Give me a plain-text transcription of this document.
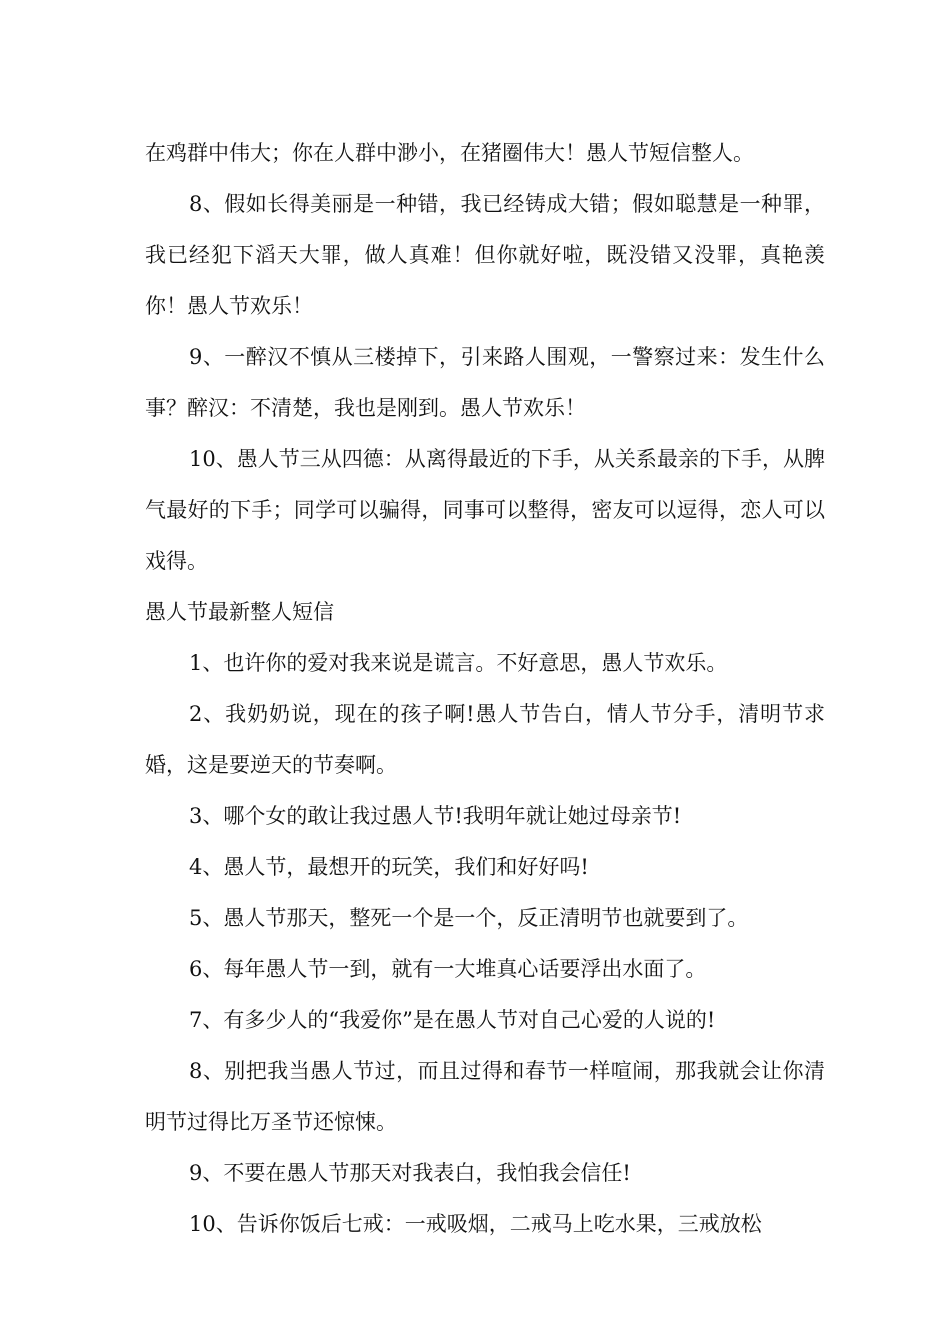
在鸡群中伟大；你在人群中渺小，在猪圈伟大！愚人节短信整人。

8、假如长得美丽是一种错，我已经铸成大错；假如聪慧是一种罪，我已经犯下滔天大罪，做人真难！但你就好啦，既没错又没罪，真艳羡你！愚人节欢乐！

9、一醉汉不慎从三楼掉下，引来路人围观，一警察过来：发生什么事？醉汉：不清楚，我也是刚到。愚人节欢乐！

10、愚人节三从四德：从离得最近的下手，从关系最亲的下手，从脾气最好的下手；同学可以骗得，同事可以整得，密友可以逗得，恋人可以戏得。

愚人节最新整人短信

1、也许你的爱对我来说是谎言。不好意思，愚人节欢乐。

2、我奶奶说，现在的孩子啊!愚人节告白，情人节分手，清明节求婚，这是要逆天的节奏啊。

3、哪个女的敢让我过愚人节!我明年就让她过母亲节!

4、愚人节，最想开的玩笑，我们和好好吗!

5、愚人节那天，整死一个是一个，反正清明节也就要到了。

6、每年愚人节一到，就有一大堆真心话要浮出水面了。

7、有多少人的“我爱你”是在愚人节对自己心爱的人说的!

8、别把我当愚人节过，而且过得和春节一样喧闹，那我就会让你清明节过得比万圣节还惊悚。

9、不要在愚人节那天对我表白，我怕我会信任!

10、告诉你饭后七戒：一戒吸烟，二戒马上吃水果，三戒放松
